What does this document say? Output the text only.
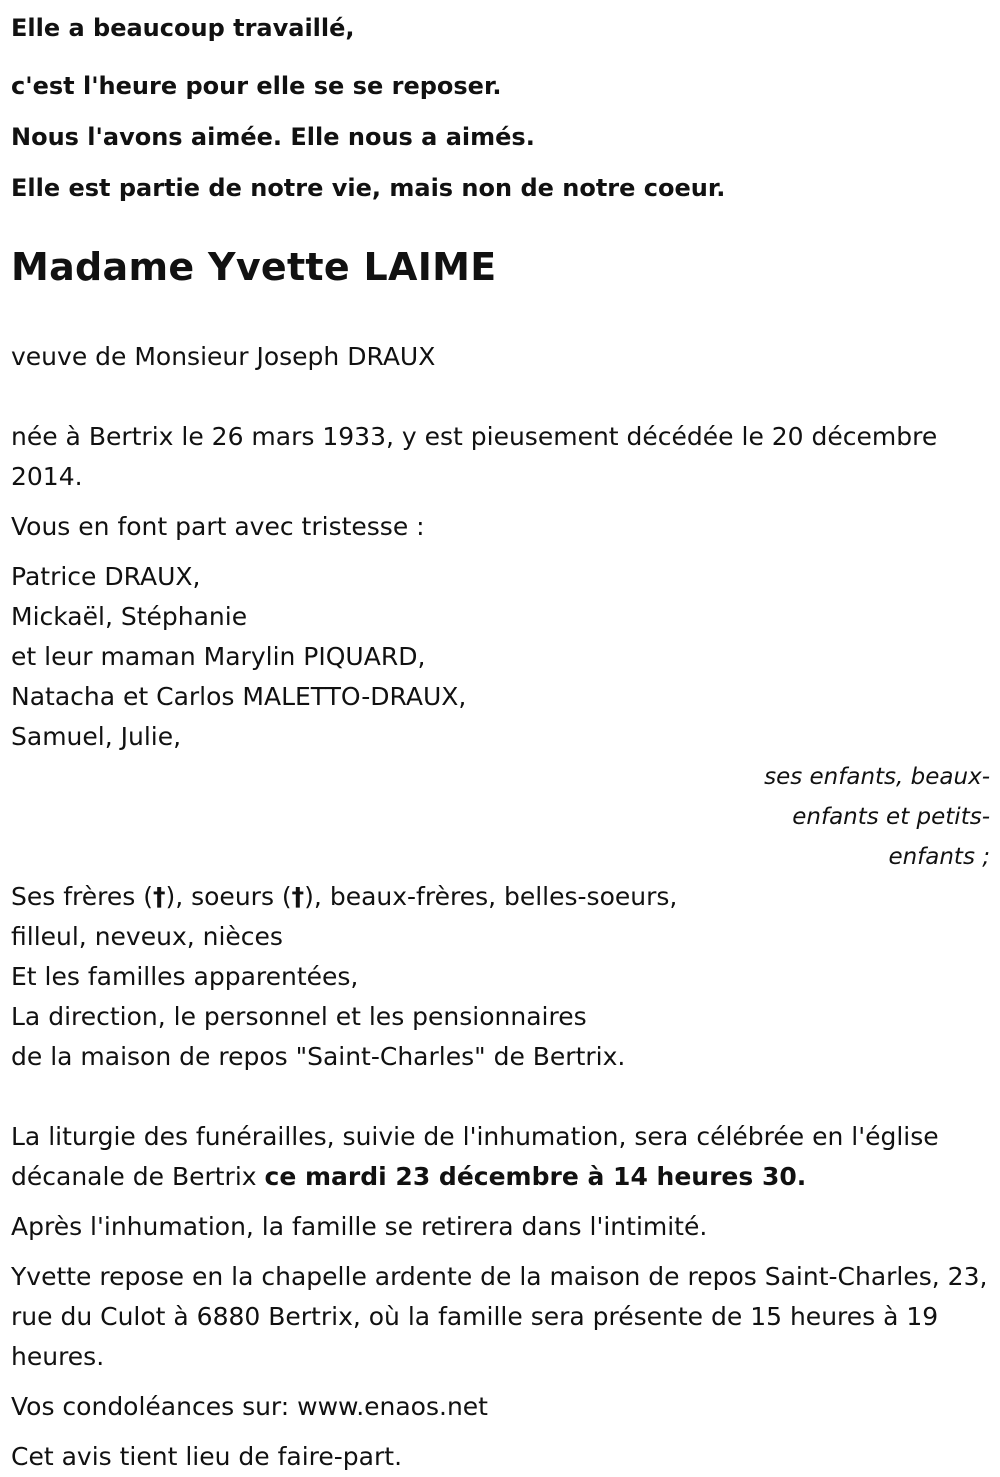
Elle a beaucoup travaillé,
c'est l'heure pour elle se se reposer.
Nous l'avons aimée. Elle nous a aimés.
Elle est partie de notre vie, mais non de notre coeur.
Madame Yvette LAIME

veuve de Monsieur Joseph DRAUX

née à Bertrix le 26 mars 1933, y est pieusement décédée le 20 décembre 2014.

Vous en font part avec tristesse :

Patrice DRAUX,
Mickaël, Stéphanie
et leur maman Marylin PIQUARD,
Natacha et Carlos MALETTO-DRAUX,
Samuel, Julie,
ses enfants, beaux-enfants et petits-enfants ;
Ses frères (†), soeurs (†), beaux-frères, belles-soeurs,
filleul, neveux, nièces
Et les familles apparentées,
La direction, le personnel et les pensionnaires
de la maison de repos "Saint-Charles" de Bertrix.

La liturgie des funérailles, suivie de l'inhumation, sera célébrée en l'église décanale de Bertrix ce mardi 23 décembre à 14 heures 30.

Après l'inhumation, la famille se retirera dans l'intimité.

Yvette repose en la chapelle ardente de la maison de repos Saint-Charles, 23, rue du Culot à 6880 Bertrix, où la famille sera présente de 15 heures à 19 heures.

Vos condoléances sur: www.enaos.net

Cet avis tient lieu de faire-part.
